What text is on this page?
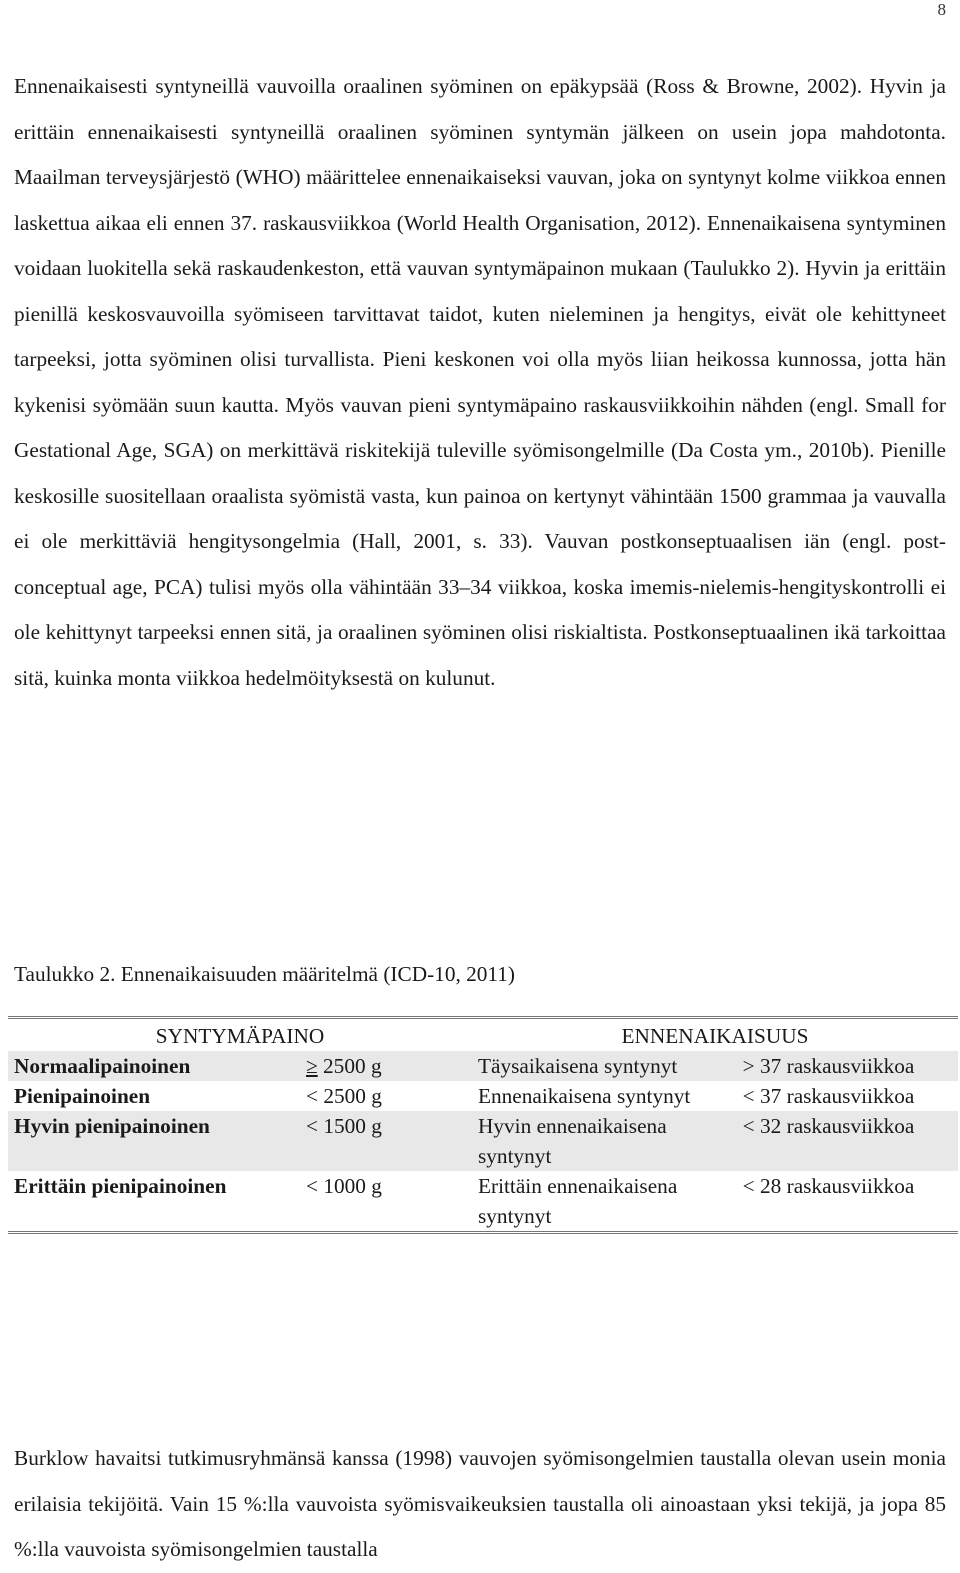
8

Ennenaikaisesti syntyneillä vauvoilla oraalinen syöminen on epäkypsää (Ross & Browne, 2002). Hyvin ja erittäin ennenaikaisesti syntyneillä oraalinen syöminen syntymän jälkeen on usein jopa mahdotonta. Maailman terveysjärjestö (WHO) määrittelee ennenaikaiseksi vauvan, joka on syntynyt kolme viikkoa ennen laskettua aikaa eli ennen 37. raskausviikkoa (World Health Organisation, 2012). Ennenaikaisena syntyminen voidaan luokitella sekä raskaudenkeston, että vauvan syntymäpainon mukaan (Taulukko 2). Hyvin ja erittäin pienillä keskosvauvoilla syömiseen tarvittavat taidot, kuten nieleminen ja hengitys, eivät ole kehittyneet tarpeeksi, jotta syöminen olisi turvallista. Pieni keskonen voi olla myös liian heikossa kunnossa, jotta hän kykenisi syömään suun kautta. Myös vauvan pieni syntymäpaino raskausviikkoihin nähden (engl. Small for Gestational Age, SGA) on merkittävä riskitekijä tuleville syömisongelmille (Da Costa ym., 2010b). Pienille keskosille suositellaan oraalista syömistä vasta, kun painoa on kertynyt vähintään 1500 grammaa ja vauvalla ei ole merkittäviä hengitysongelmia (Hall, 2001, s. 33). Vauvan postkonseptuaalisen iän (engl. post-conceptual age, PCA) tulisi myös olla vähintään 33–34 viikkoa, koska imemis-nielemis-hengityskontrolli ei ole kehittynyt tarpeeksi ennen sitä, ja oraalinen syöminen olisi riskialtista. Postkonseptuaalinen ikä tarkoittaa sitä, kuinka monta viikkoa hedelmöityksestä on kulunut.

Taulukko 2. Ennenaikaisuuden määritelmä (ICD-10, 2011)

SYNTYMÄPAINO		ENNENAIKAISUUS	
Normaalipainoinen	≥ 2500 g	Täysaikaisena syntynyt	> 37 raskausviikkoa
Pienipainoinen	< 2500 g	Ennenaikaisena syntynyt	< 37 raskausviikkoa
Hyvin pienipainoinen	< 1500 g	Hyvin ennenaikaisena syntynyt	< 32 raskausviikkoa
Erittäin pienipainoinen	< 1000 g	Erittäin ennenaikaisena syntynyt	< 28 raskausviikkoa

Burklow havaitsi tutkimusryhmänsä kanssa (1998) vauvojen syömisongelmien taustalla olevan usein monia erilaisia tekijöitä. Vain 15 %:lla vauvoista syömisvaikeuksien taustalla oli ainoastaan yksi tekijä, ja jopa 85 %:lla vauvoista syömisongelmien taustalla
